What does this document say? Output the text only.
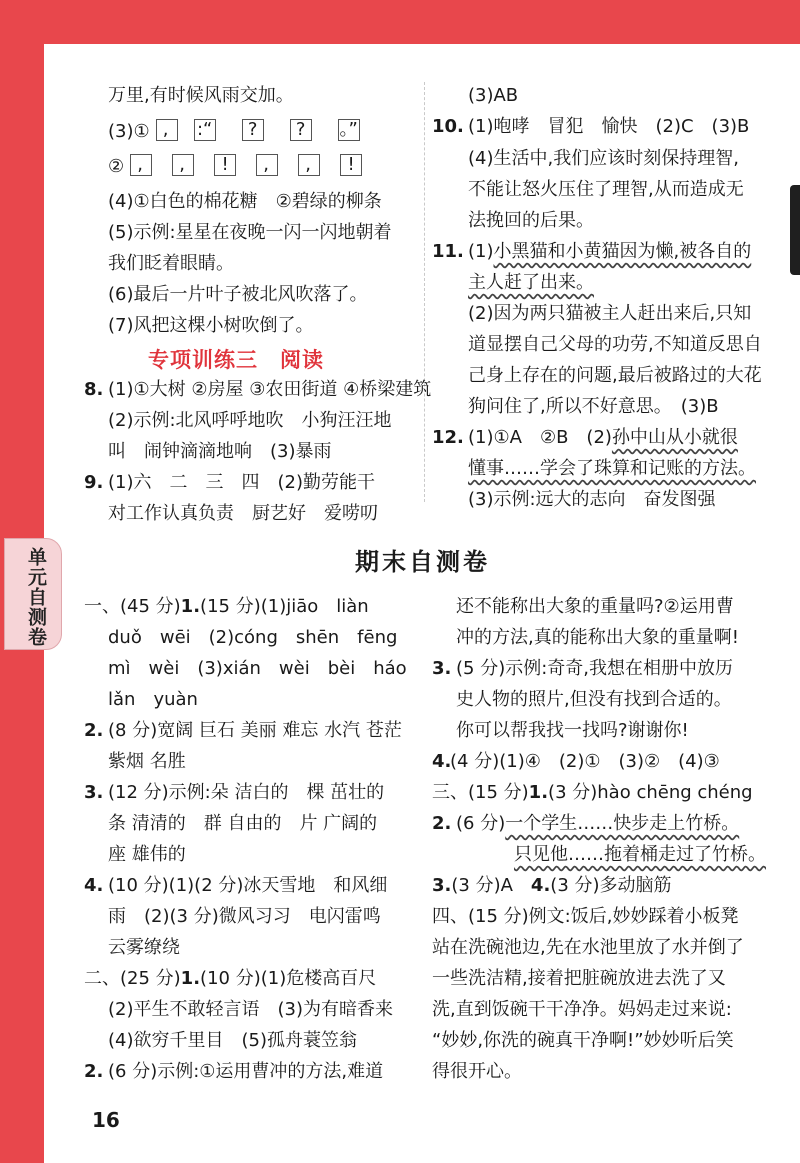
单元自测卷
万里,有时候风雨交加。
(3)① ,	:“ ? ? 。”
② ,	,	!	,	,	!
(4)①白色的棉花糖　②碧绿的柳条
(5)示例:星星在夜晚一闪一闪地朝着
我们眨着眼睛。
(6)最后一片叶子被北风吹落了。
(7)风把这棵小树吹倒了。
专项训练三　阅读
8. (1)①大树 ②房屋 ③农田街道 ④桥梁建筑
(2)示例:北风呼呼地吹　小狗汪汪地
叫　闹钟滴滴地响　(3)暴雨
9. (1)六　二　三　四　(2)勤劳能干
对工作认真负责　厨艺好　爱唠叨
(3)AB
10. (1)咆哮　冒犯　愉快　(2)C　(3)B
(4)生活中,我们应该时刻保持理智,
不能让怒火压住了理智,从而造成无
法挽回的后果。
11. (1)小黑猫和小黄猫因为懒,被各自的
主人赶了出来。
(2)因为两只猫被主人赶出来后,只知
道显摆自己父母的功劳,不知道反思自
己身上存在的问题,最后被路过的大花
狗问住了,所以不好意思。　(3)B
12. (1)①A　②B　(2)孙中山从小就很
懂事……学会了珠算和记账的方法。
(3)示例:远大的志向　奋发图强
期末自测卷
一、(45 分)1.(15 分)(1)jiāo　liàn
duǒ　wēi　(2)cóng　shēn　fēng
mì　wèi　(3)xián　wèi　bèi　háo
lǎn　yuàn
2. (8 分)宽阔 巨石 美丽 难忘 水汽 苍茫
紫烟 名胜
3. (12 分)示例:朵 洁白的　棵 茁壮的
条 清清的　群 自由的　片 广阔的
座 雄伟的
4. (10 分)(1)(2 分)冰天雪地　和风细
雨　(2)(3 分)微风习习　电闪雷鸣
云雾缭绕
二、(25 分)1.(10 分)(1)危楼高百尺
(2)平生不敢轻言语　(3)为有暗香来
(4)欲穷千里目　(5)孤舟蓑笠翁
2. (6 分)示例:①运用曹冲的方法,难道
还不能称出大象的重量吗?②运用曹
冲的方法,真的能称出大象的重量啊!
3. (5 分)示例:奇奇,我想在相册中放历
史人物的照片,但没有找到合适的。
你可以帮我找一找吗?谢谢你!
4.
(4 分)(1)④　(2)①　(3)②　(4)③
三、(15 分)1.(3 分)hào chēng chéng
2. (6 分)一个学生……快步走上竹桥。
只见他……拖着桶走过了竹桥。
3.(3 分)A　 4.(3 分)多动脑筋
四、(15 分)例文:饭后,妙妙踩着小板凳
站在洗碗池边,先在水池里放了水并倒了
一些洗洁精,接着把脏碗放进去洗了又
洗,直到饭碗干干净净。妈妈走过来说:
“妙妙,你洗的碗真干净啊!”妙妙听后笑
得很开心。
16
